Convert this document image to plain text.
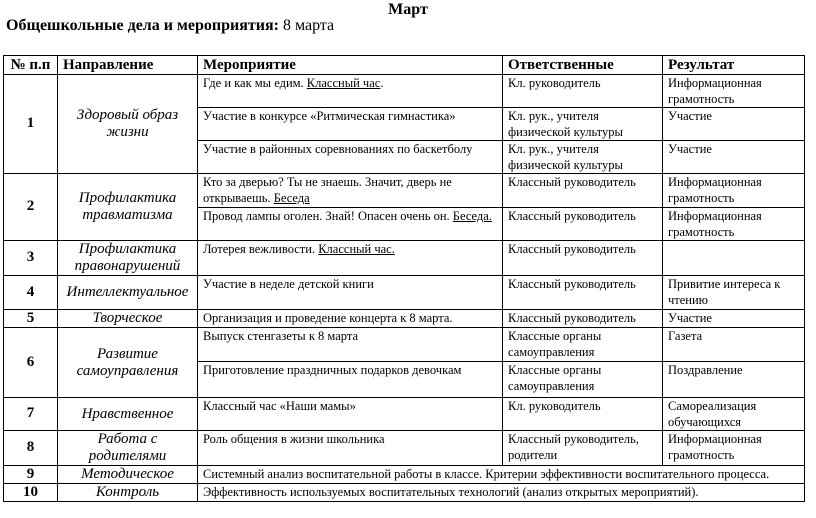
Март
Общешкольные дела и мероприятия: 8 марта
№ п.п	Направление	Мероприятие	Ответственные	Результат
1	Здоровый образ жизни	Где и как мы едим. Классный час.	Кл. руководитель	Информационная грамотность
		Участие в конкурсе «Ритмическая гимнастика»	Кл. рук., учителя физической культуры	Участие
		Участие в районных соревнованиях по баскетболу	Кл. рук., учителя физической культуры	Участие
2	Профилактика травматизма	Кто за дверью? Ты не знаешь. Значит, дверь не открываешь. Беседа	Классный руководитель	Информационная грамотность
		Провод лампы оголен. Знай! Опасен очень он. Беседа.	Классный руководитель	Информационная грамотность
3	Профилактика правонарушений	Лотерея вежливости. Классный час.	Классный руководитель	
4	Интеллектуальное	Участие в неделе детской книги	Классный руководитель	Привитие интереса к чтению
5	Творческое	Организация и проведение концерта к 8 марта.	Классный руководитель	Участие
6	Развитие самоуправления	Выпуск стенгазеты к 8 марта	Классные органы самоуправления	Газета
		Приготовление праздничных подарков девочкам	Классные органы самоуправления	Поздравление
7	Нравственное	Классный час «Наши мамы»	Кл. руководитель	Самореализация обучающихся
8	Работа с родителями	Роль общения в жизни школьника	Классный руководитель, родители	Информационная грамотность
9	Методическое	Системный анализ воспитательной работы в классе. Критерии эффективности воспитательного процесса.		
10	Контроль	Эффективность используемых воспитательных технологий (анализ открытых мероприятий).		
